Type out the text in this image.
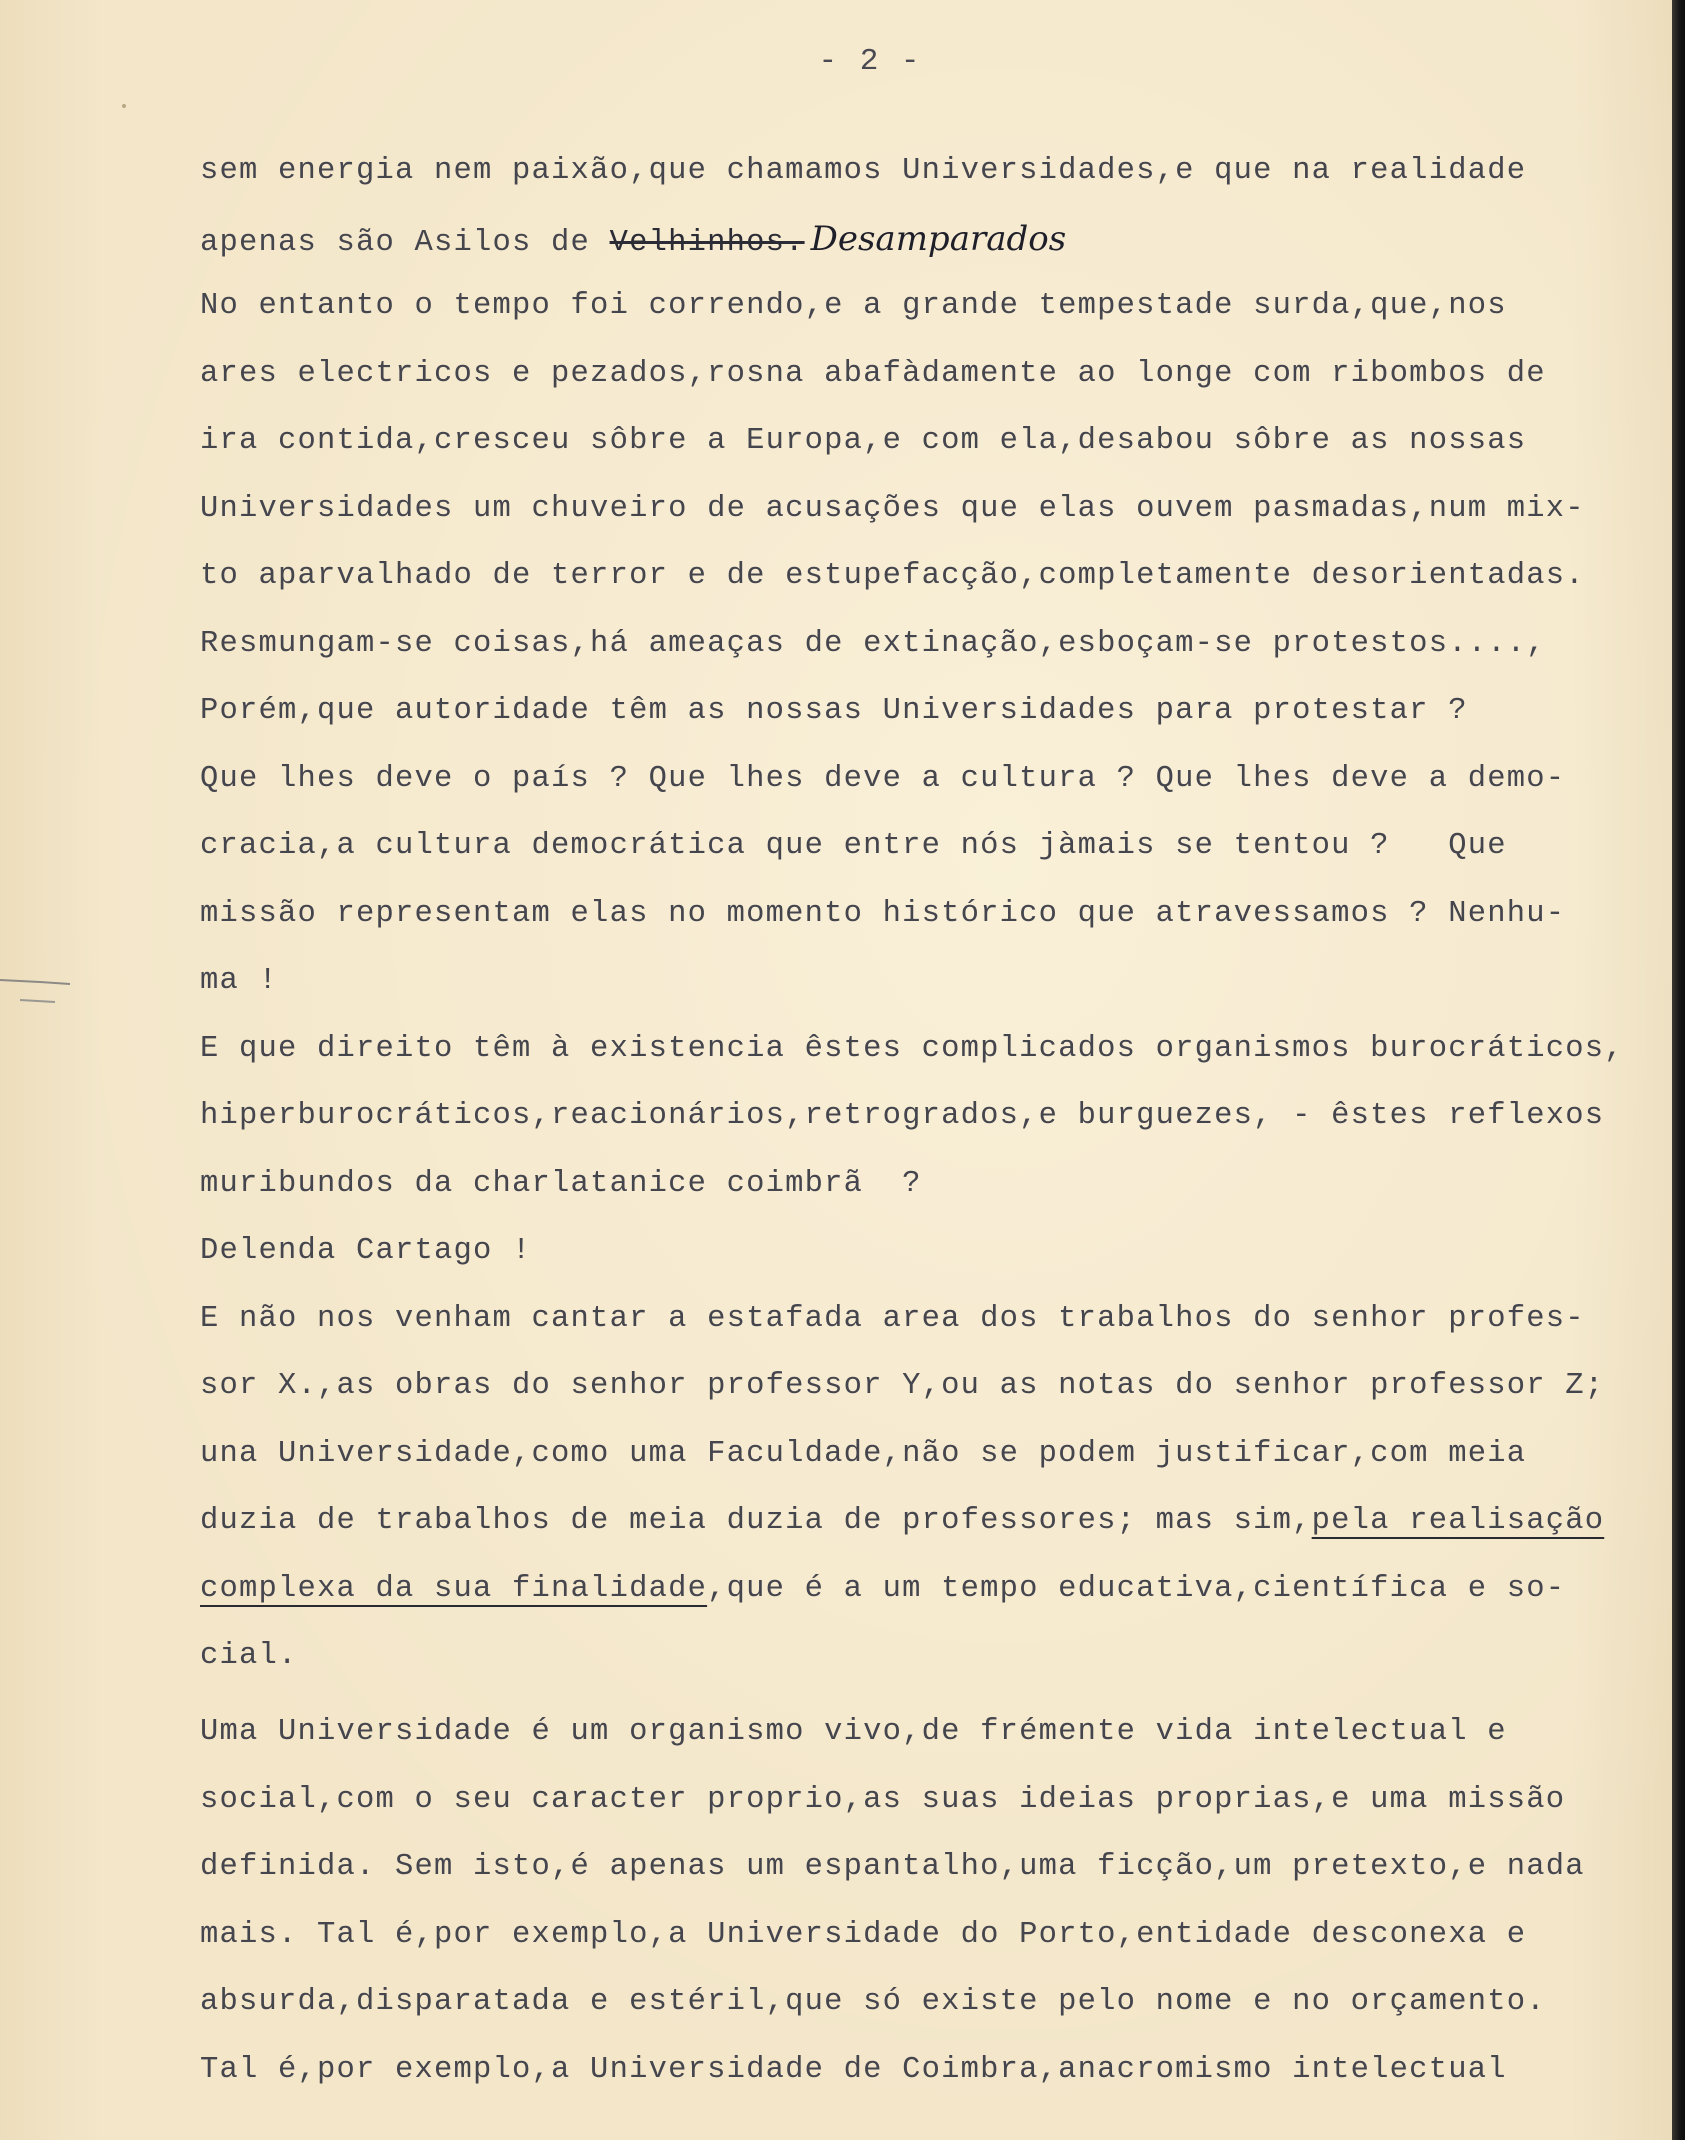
- 2 -
sem energia nem paixão,que chamamos Universidades,e que na realidade
apenas são Asilos de Velhinhos. Desamparados
No entanto o tempo foi correndo,e a grande tempestade surda,que,nos
ares electricos e pezados,rosna abafàdamente ao longe com ribombos de
ira contida,cresceu sôbre a Europa,e com ela,desabou sôbre as nossas
Universidades um chuveiro de acusações que elas ouvem pasmadas,num mix-
to aparvalhado de terror e de estupefacção,completamente desorientadas.
Resmungam-se coisas,há ameaças de extinação,esboçam-se protestos....,
Porém,que autoridade têm as nossas Universidades para protestar ?
Que lhes deve o país ? Que lhes deve a cultura ? Que lhes deve a demo-
cracia,a cultura democrática que entre nós jàmais se tentou ?   Que
missão representam elas no momento histórico que atravessamos ? Nenhu-
ma !
E que direito têm à existencia êstes complicados organismos burocráticos,
hiperburocráticos,reacionários,retrogrados,e burguezes, - êstes reflexos
muribundos da charlatanice coimbrã  ?
Delenda Cartago !
E não nos venham cantar a estafada area dos trabalhos do senhor profes-
sor X.,as obras do senhor professor Y,ou as notas do senhor professor Z;
una Universidade,como uma Faculdade,não se podem justificar,com meia
duzia de trabalhos de meia duzia de professores; mas sim,pela realisação
complexa da sua finalidade,que é a um tempo educativa,científica e so-
cial.
Uma Universidade é um organismo vivo,de frémente vida intelectual e
social,com o seu caracter proprio,as suas ideias proprias,e uma missão
definida. Sem isto,é apenas um espantalho,uma ficção,um pretexto,e nada
mais. Tal é,por exemplo,a Universidade do Porto,entidade desconexa e
absurda,disparatada e estéril,que só existe pelo nome e no orçamento.
Tal é,por exemplo,a Universidade de Coimbra,anacromismo intelectual
